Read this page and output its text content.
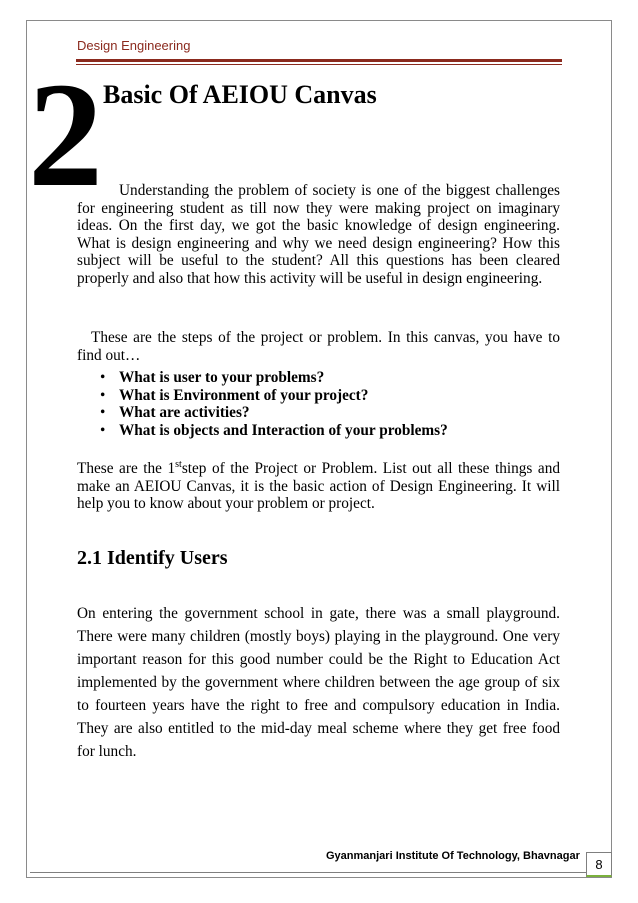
Design Engineering
2 Basic Of AEIOU Canvas

Understanding the problem of society is one of the biggest challenges for engineering student as till now they were making project on imaginary ideas. On the first day, we got the basic knowledge of design engineering. What is design engineering and why we need design engineering? How this subject will be useful to the student? All this questions has been cleared properly and also that how this activity will be useful in design engineering.

These are the steps of the project or problem. In this canvas, you have to find out…

• What is user to your problems?
• What is Environment of your project?
• What are activities?
• What is objects and Interaction of your problems?

These are the 1ststep of the Project or Problem. List out all these things and make an AEIOU Canvas, it is the basic action of Design Engineering. It will help you to know about your problem or project.

2.1 Identify Users

On entering the government school in gate, there was a small playground. There were many children (mostly boys) playing in the playground. One very important reason for this good number could be the Right to Education Act implemented by the government where children between the age group of six to fourteen years have the right to free and compulsory education in India. They are also entitled to the mid-day meal scheme where they get free food for lunch.

Gyanmanjari Institute Of Technology, Bhavnagar
8
